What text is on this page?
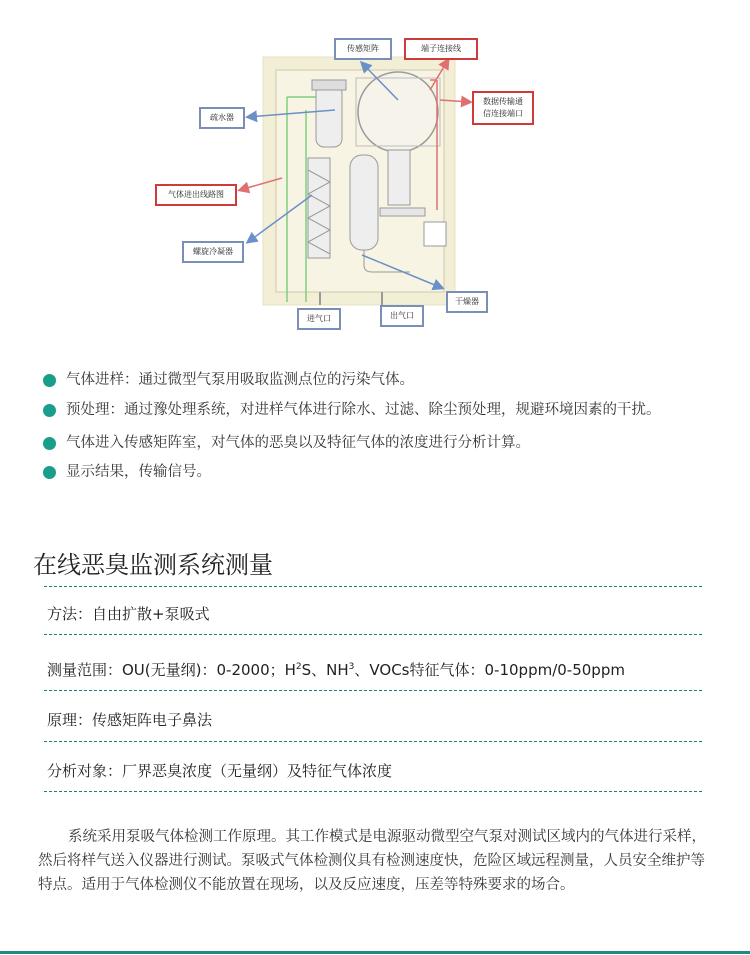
传感矩阵	端子连接线
疏水器
数据传输通
信连接端口
气体进出线路图
螺旋冷凝器
干燥器
进气口	出气口
气体进样：通过微型气泵用吸取监测点位的污染气体。
预处理：通过豫处理系统，对进样气体进行除水、过滤、除尘预处理，规避环境因素的干扰。
气体进入传感矩阵室，对气体的恶臭以及特征气体的浓度进行分析计算。
显示结果，传输信号。
在线恶臭监测系统测量
方法：自由扩散+泵吸式
测量范围：OU(无量纲)：0-2000；$H^2S$、$NH^3$、VOCs特征气体：0-10ppm/0-50ppm
原理：传感矩阵电子鼻法
分析对象：厂界恶臭浓度（无量纲）及特征气体浓度

系统采用泵吸气体检测工作原理。其工作模式是电源驱动微型空气泵对测试区域内的气体进行采样，然后将样气送入仪器进行测试。泵吸式气体检测仪具有检测速度快，危险区域远程测量，人员安全维护等特点。适用于气体检测仪不能放置在现场，以及反应速度，压差等特殊要求的场合。
